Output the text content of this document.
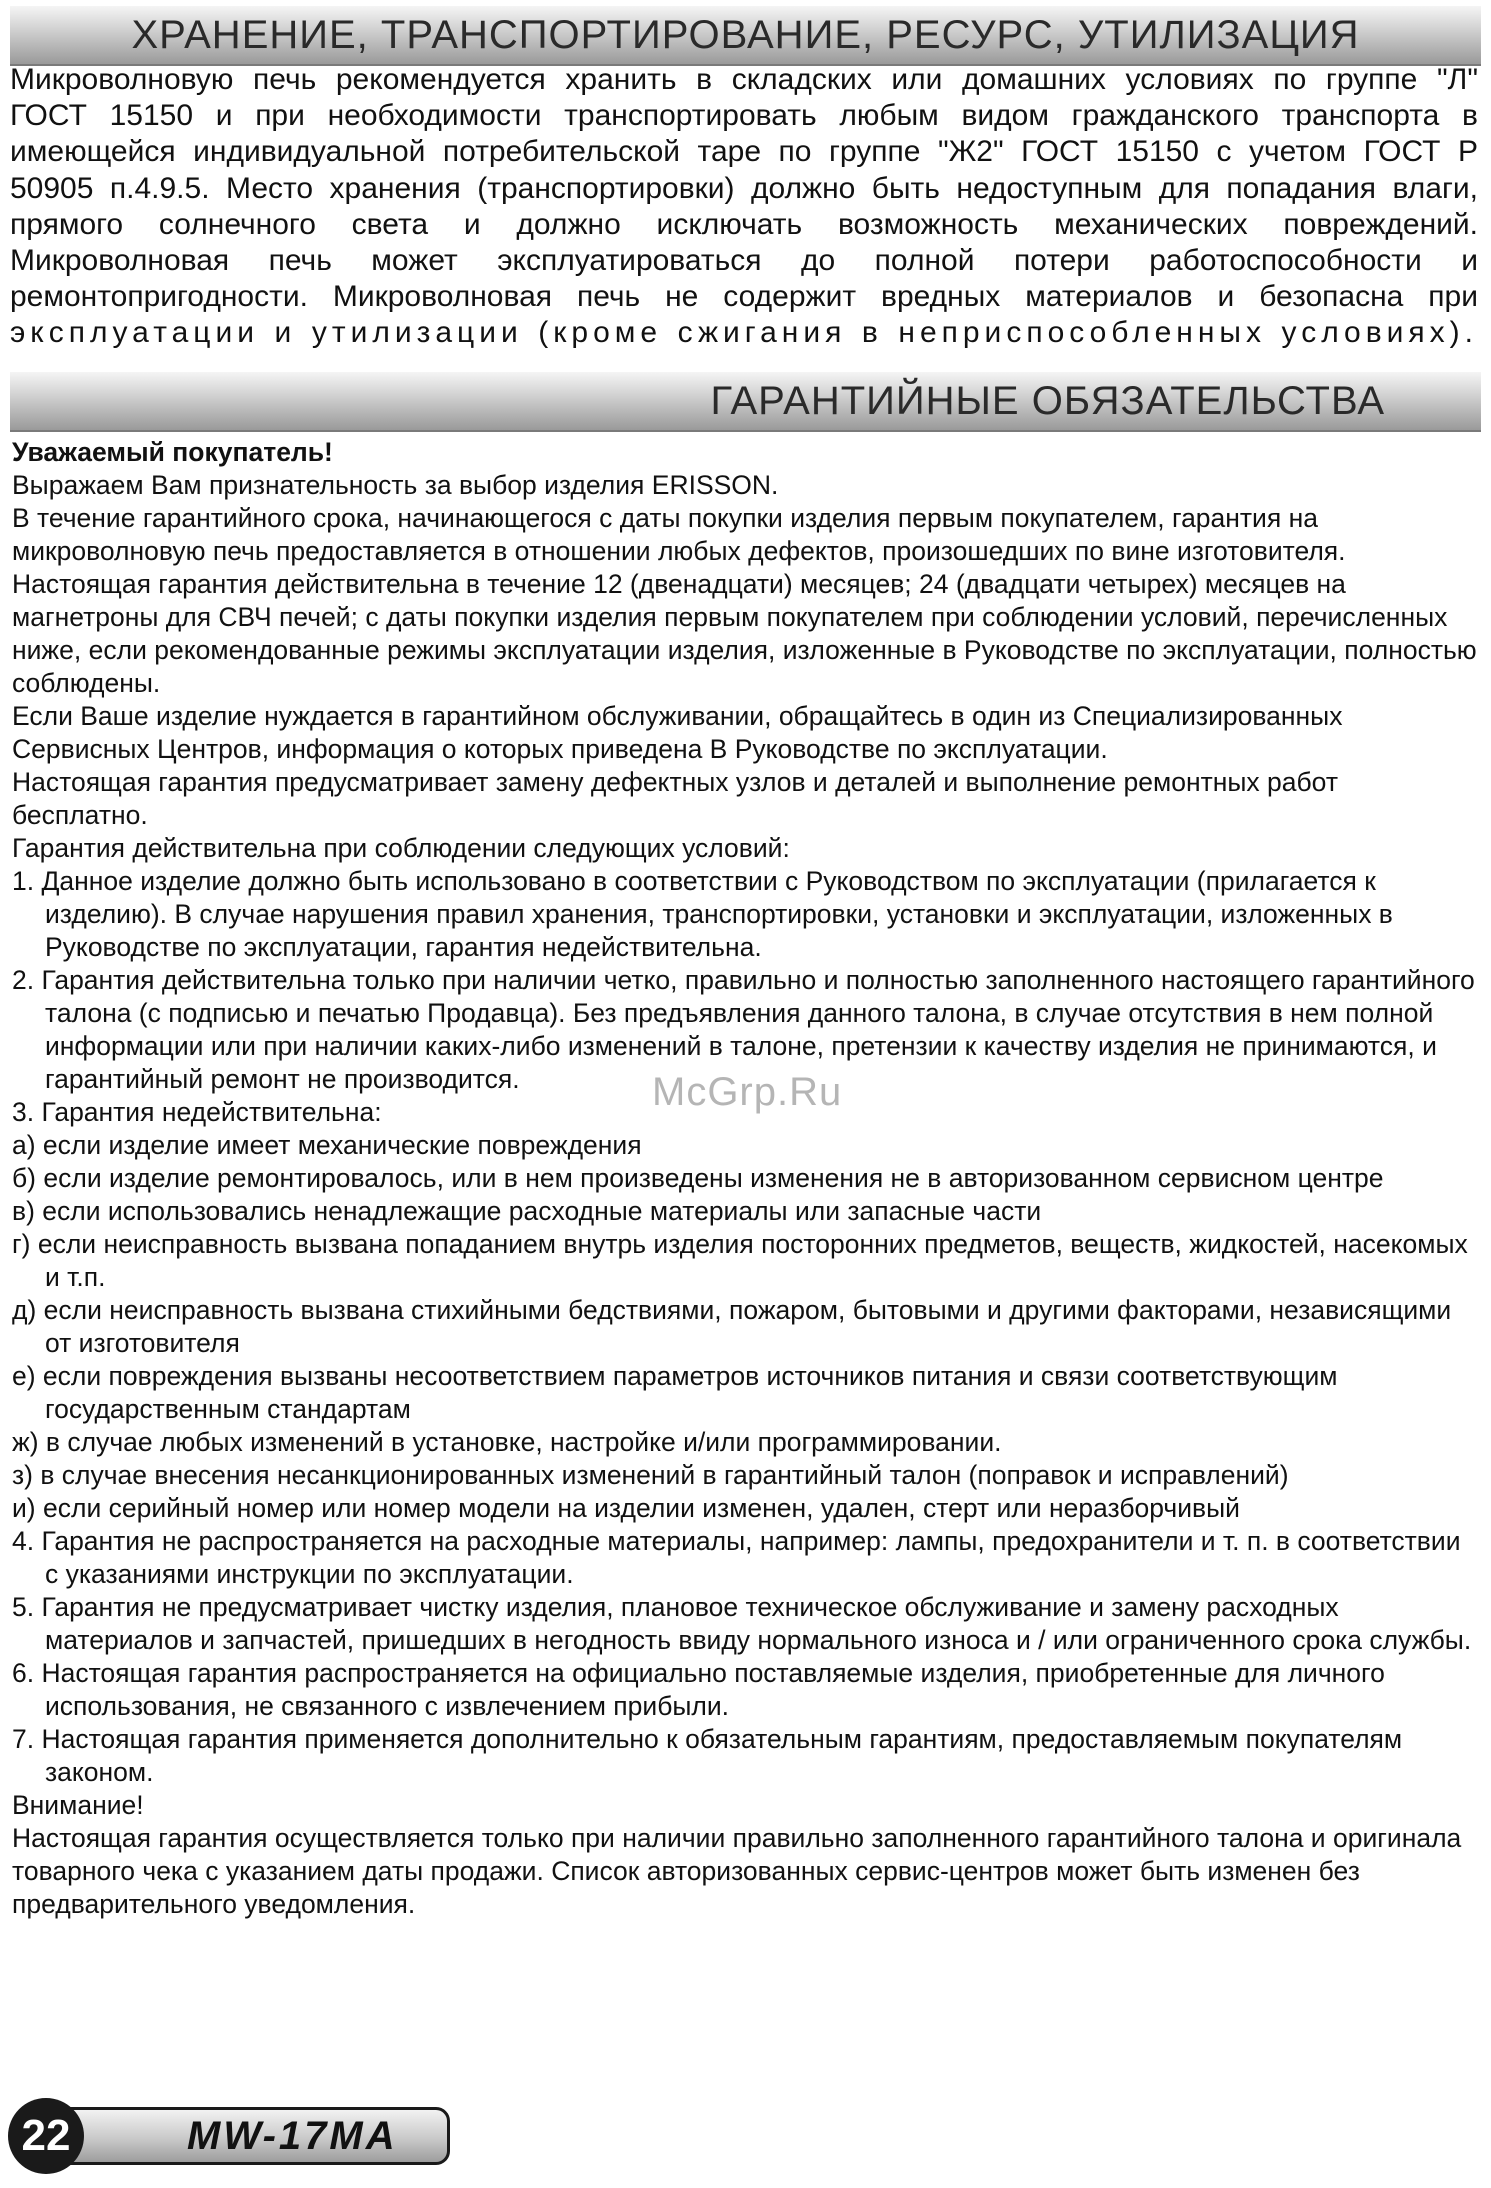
ХРАНЕНИЕ, ТРАНСПОРТИРОВАНИЕ, РЕСУРС, УТИЛИЗАЦИЯ

Микроволновую печь рекомендуется хранить в складских или домашних условиях по группе "Л"

ГОСТ 15150 и при необходимости транспортировать любым видом гражданского транспорта в

имеющейся индивидуальной потребительской таре по группе "Ж2" ГОСТ 15150 с учетом ГОСТ Р

50905 п.4.9.5. Место хранения (транспортировки) должно быть недоступным для попадания влаги,

прямого солнечного света и должно исключать возможность механических повреждений.

Микроволновая печь может эксплуатироваться до полной потери работоспособности и

ремонтопригодности. Микроволновая печь не содержит вредных материалов и безопасна при

эксплуатации и утилизации (кроме сжигания в неприспособленных условиях).

ГАРАНТИЙНЫЕ ОБЯЗАТЕЛЬСТВА

Уважаемый покупатель!

Выражаем Вам признательность за выбор изделия ERISSON.

В течение гарантийного срока, начинающегося с даты покупки изделия первым покупателем, гарантия на микроволновую печь предоставляется в отношении любых дефектов, произошедших по вине изготовителя.

Настоящая гарантия действительна в течение 12 (двенадцати) месяцев; 24 (двадцати четырех) месяцев на магнетроны для СВЧ печей; с даты покупки изделия первым покупателем при соблюдении условий, перечисленных ниже, если рекомендованные режимы эксплуатации изделия, изложенные в Руководстве по эксплуатации, полностью соблюдены.

Если Ваше изделие нуждается в гарантийном обслуживании, обращайтесь в один из Специализированных Сервисных Центров, информация о которых приведена В Руководстве по эксплуатации.

Настоящая гарантия предусматривает замену дефектных узлов и деталей и выполнение ремонтных работ бесплатно.

Гарантия действительна при соблюдении следующих условий:

1. Данное изделие должно быть использовано в соответствии с Руководством по эксплуатации (прилагается к изделию). В случае нарушения правил хранения, транспортировки, установки и эксплуатации, изложенных в Руководстве по эксплуатации, гарантия недействительна.

2. Гарантия действительна только при наличии четко, правильно и полностью заполненного настоящего гарантийного талона (с подписью и печатью Продавца). Без предъявления данного талона, в случае отсутствия в нем полной информации или при наличии каких-либо изменений в талоне, претензии к качеству изделия не принимаются, и гарантийный ремонт не производится.

3. Гарантия недействительна:

а) если изделие имеет механические повреждения

б) если изделие ремонтировалось, или в нем произведены изменения не в авторизованном сервисном центре

в) если использовались ненадлежащие расходные материалы или запасные части

г) если неисправность вызвана попаданием внутрь изделия посторонних предметов, веществ, жидкостей, насекомых и т.п.

д) если неисправность вызвана стихийными бедствиями, пожаром, бытовыми и другими факторами, независящими от изготовителя

е) если повреждения вызваны несоответствием параметров источников питания и связи соответствующим государственным стандартам

ж) в случае любых изменений в установке, настройке и/или программировании.

з) в случае внесения несанкционированных изменений в гарантийный талон (поправок и исправлений)

и) если серийный номер или номер модели на изделии изменен, удален, стерт или неразборчивый

4. Гарантия не распространяется на расходные материалы, например: лампы, предохранители и т. п. в соответствии с указаниями инструкции по эксплуатации.

5. Гарантия не предусматривает чистку изделия, плановое техническое обслуживание и замену расходных материалов и запчастей, пришедших в негодность ввиду нормального износа и / или ограниченного срока службы.

6. Настоящая гарантия распространяется на официально поставляемые изделия, приобретенные для личного использования, не связанного с извлечением прибыли.

7. Настоящая гарантия применяется дополнительно к обязательным гарантиям, предоставляемым покупателям законом.

Внимание!

Настоящая гарантия осуществляется только при наличии правильно заполненного гарантийного талона и оригинала товарного чека с указанием даты продажи. Список авторизованных сервис-центров может быть изменен без предварительного уведомления.

McGrp.Ru
22	MW-17MA
